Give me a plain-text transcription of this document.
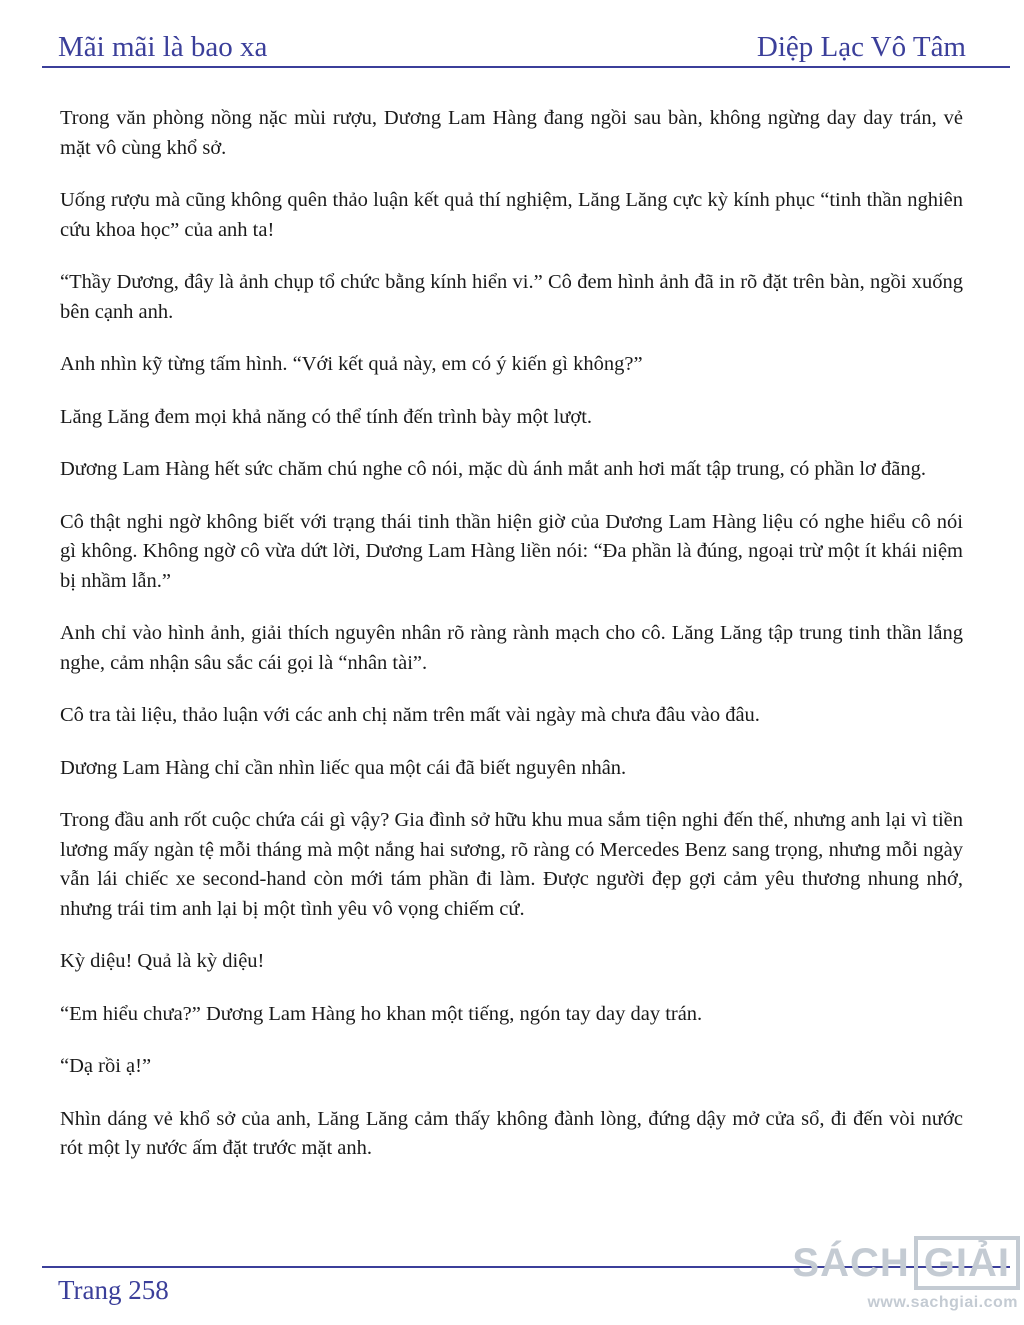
Mãi mãi là bao xa	Diệp Lạc Vô Tâm

Trong văn phòng nồng nặc mùi rượu, Dương Lam Hàng đang ngồi sau bàn, không ngừng day day trán, vẻ mặt vô cùng khổ sở.

Uống rượu mà cũng không quên thảo luận kết quả thí nghiệm, Lăng Lăng cực kỳ kính phục “tinh thần nghiên cứu khoa học” của anh ta!

“Thầy Dương, đây là ảnh chụp tổ chức bằng kính hiển vi.” Cô đem hình ảnh đã in rõ đặt trên bàn, ngồi xuống bên cạnh anh.

Anh nhìn kỹ từng tấm hình. “Với kết quả này, em có ý kiến gì không?”

Lăng Lăng đem mọi khả năng có thể tính đến trình bày một lượt.

Dương Lam Hàng hết sức chăm chú nghe cô nói, mặc dù ánh mắt anh hơi mất tập trung, có phần lơ đãng.

Cô thật nghi ngờ không biết với trạng thái tinh thần hiện giờ của Dương Lam Hàng liệu có nghe hiểu cô nói gì không. Không ngờ cô vừa dứt lời, Dương Lam Hàng liền nói: “Đa phần là đúng, ngoại trừ một ít khái niệm bị nhầm lẫn.”

Anh chỉ vào hình ảnh, giải thích nguyên nhân rõ ràng rành mạch cho cô. Lăng Lăng tập trung tinh thần lắng nghe, cảm nhận sâu sắc cái gọi là “nhân tài”.

Cô tra tài liệu, thảo luận với các anh chị năm trên mất vài ngày mà chưa đâu vào đâu.

Dương Lam Hàng chỉ cần nhìn liếc qua một cái đã biết nguyên nhân.

Trong đầu anh rốt cuộc chứa cái gì vậy? Gia đình sở hữu khu mua sắm tiện nghi đến thế, nhưng anh lại vì tiền lương mấy ngàn tệ mỗi tháng mà một nắng hai sương, rõ ràng có Mercedes Benz sang trọng, nhưng mỗi ngày vẫn lái chiếc xe second-hand còn mới tám phần đi làm. Được người đẹp gợi cảm yêu thương nhung nhớ, nhưng trái tim anh lại bị một tình yêu vô vọng chiếm cứ.

Kỳ diệu! Quả là kỳ diệu!

“Em hiểu chưa?” Dương Lam Hàng ho khan một tiếng, ngón tay day day trán.

“Dạ rồi ạ!”

Nhìn dáng vẻ khổ sở của anh, Lăng Lăng cảm thấy không đành lòng, đứng dậy mở cửa sổ, đi đến vòi nước rót một ly nước ấm đặt trước mặt anh.

Trang 258
SÁCH GIẢI
www.sachgiai.com
